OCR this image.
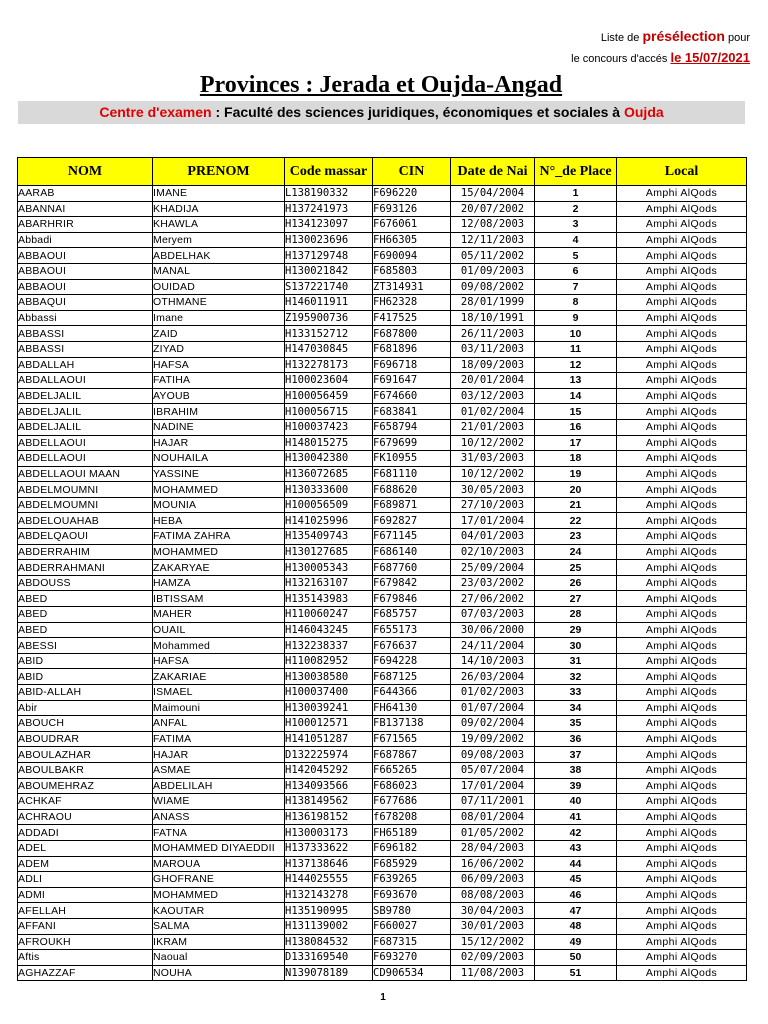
Liste de présélection pour
le concours d'accés le 15/07/2021
Provinces : Jerada et Oujda-Angad
Centre d'examen : Faculté des sciences juridiques, économiques et sociales à Oujda
NOM	PRENOM	Code massar	CIN	Date de Nai	N°_de Place	Local
AARAB	IMANE	L138190332	F696220	15/04/2004	1	Amphi AlQods
ABANNAI	KHADIJA	H137241973	F693126	20/07/2002	2	Amphi AlQods
ABARHRIR	KHAWLA	H134123097	F676061	12/08/2003	3	Amphi AlQods
Abbadi	Meryem	H130023696	FH66305	12/11/2003	4	Amphi AlQods
ABBAOUI	ABDELHAK	H137129748	F690094	05/11/2002	5	Amphi AlQods
ABBAOUI	MANAL	H130021842	F685803	01/09/2003	6	Amphi AlQods
ABBAOUI	OUIDAD	S137221740	ZT314931	09/08/2002	7	Amphi AlQods
ABBAQUI	OTHMANE	H146011911	FH62328	28/01/1999	8	Amphi AlQods
Abbassi	Imane	Z195900736	F417525	18/10/1991	9	Amphi AlQods
ABBASSI	ZAID	H133152712	F687800	26/11/2003	10	Amphi AlQods
ABBASSI	ZIYAD	H147030845	F681896	03/11/2003	11	Amphi AlQods
ABDALLAH	HAFSA	H132278173	F696718	18/09/2003	12	Amphi AlQods
ABDALLAOUI	FATIHA	H100023604	F691647	20/01/2004	13	Amphi AlQods
ABDELJALIL	AYOUB	H100056459	F674660	03/12/2003	14	Amphi AlQods
ABDELJALIL	IBRAHIM	H100056715	F683841	01/02/2004	15	Amphi AlQods
ABDELJALIL	NADINE	H100037423	F658794	21/01/2003	16	Amphi AlQods
ABDELLAOUI	HAJAR	H148015275	F679699	10/12/2002	17	Amphi AlQods
ABDELLAOUI	NOUHAILA	H130042380	FK10955	31/03/2003	18	Amphi AlQods
ABDELLAOUI MAAN	YASSINE	H136072685	F681110	10/12/2002	19	Amphi AlQods
ABDELMOUMNI	MOHAMMED	H130333600	F688620	30/05/2003	20	Amphi AlQods
ABDELMOUMNI	MOUNIA	H100056509	F689871	27/10/2003	21	Amphi AlQods
ABDELOUAHAB	HEBA	H141025996	F692827	17/01/2004	22	Amphi AlQods
ABDELQAOUI	FATIMA ZAHRA	H135409743	F671145	04/01/2003	23	Amphi AlQods
ABDERRAHIM	MOHAMMED	H130127685	F686140	02/10/2003	24	Amphi AlQods
ABDERRAHMANI	ZAKARYAE	H130005343	F687760	25/09/2004	25	Amphi AlQods
ABDOUSS	HAMZA	H132163107	F679842	23/03/2002	26	Amphi AlQods
ABED	IBTISSAM	H135143983	F679846	27/06/2002	27	Amphi AlQods
ABED	MAHER	H110060247	F685757	07/03/2003	28	Amphi AlQods
ABED	OUAIL	H146043245	F655173	30/06/2000	29	Amphi AlQods
ABESSI	Mohammed	H132238337	F676637	24/11/2004	30	Amphi AlQods
ABID	HAFSA	H110082952	F694228	14/10/2003	31	Amphi AlQods
ABID	ZAKARIAE	H130038580	F687125	26/03/2004	32	Amphi AlQods
ABID-ALLAH	ISMAEL	H100037400	F644366	01/02/2003	33	Amphi AlQods
Abir	Maimouni	H130039241	FH64130	01/07/2004	34	Amphi AlQods
ABOUCH	ANFAL	H100012571	FB137138	09/02/2004	35	Amphi AlQods
ABOUDRAR	FATIMA	H141051287	F671565	19/09/2002	36	Amphi AlQods
ABOULAZHAR	HAJAR	D132225974	F687867	09/08/2003	37	Amphi AlQods
ABOULBAKR	ASMAE	H142045292	F665265	05/07/2004	38	Amphi AlQods
ABOUMEHRAZ	ABDELILAH	H134093566	F686023	17/01/2004	39	Amphi AlQods
ACHKAF	WIAME	H138149562	F677686	07/11/2001	40	Amphi AlQods
ACHRAOU	ANASS	H136198152	f678208	08/01/2004	41	Amphi AlQods
ADDADI	FATNA	H130003173	FH65189	01/05/2002	42	Amphi AlQods
ADEL	MOHAMMED DIYAEDDII	H137333622	F696182	28/04/2003	43	Amphi AlQods
ADEM	MAROUA	H137138646	F685929	16/06/2002	44	Amphi AlQods
ADLI	GHOFRANE	H144025555	F639265	06/09/2003	45	Amphi AlQods
ADMI	MOHAMMED	H132143278	F693670	08/08/2003	46	Amphi AlQods
AFELLAH	KAOUTAR	H135190995	SB9780	30/04/2003	47	Amphi AlQods
AFFANI	SALMA	H131139002	F660027	30/01/2003	48	Amphi AlQods
AFROUKH	IKRAM	H138084532	F687315	15/12/2002	49	Amphi AlQods
Aftis	Naoual	D133169540	F693270	02/09/2003	50	Amphi AlQods
AGHAZZAF	NOUHA	N139078189	CD906534	11/08/2003	51	Amphi AlQods
1
